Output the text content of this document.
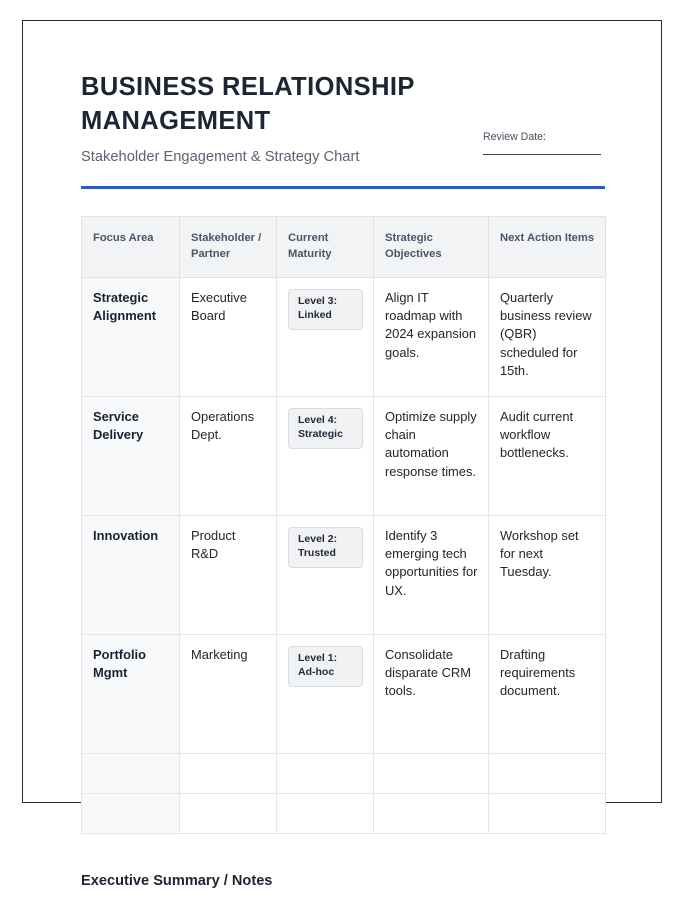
BUSINESS RELATIONSHIP MANAGEMENT

Stakeholder Engagement & Strategy Chart

Review Date:
Focus Area	Stakeholder / Partner	Current Maturity	Strategic Objectives	Next Action Items
Strategic Alignment	Executive Board	Level 3: Linked	Align IT roadmap with 2024 expansion goals.	Quarterly business review (QBR) scheduled for 15th.
Service Delivery	Operations Dept.	Level 4: Strategic	Optimize supply chain automation response times.	Audit current workflow bottlenecks.
Innovation	Product R&D	Level 2: Trusted	Identify 3 emerging tech opportunities for UX.	Workshop set for next Tuesday.
Portfolio Mgmt	Marketing	Level 1: Ad-hoc	Consolidate disparate CRM tools.	Drafting requirements document.

Executive Summary / Notes
